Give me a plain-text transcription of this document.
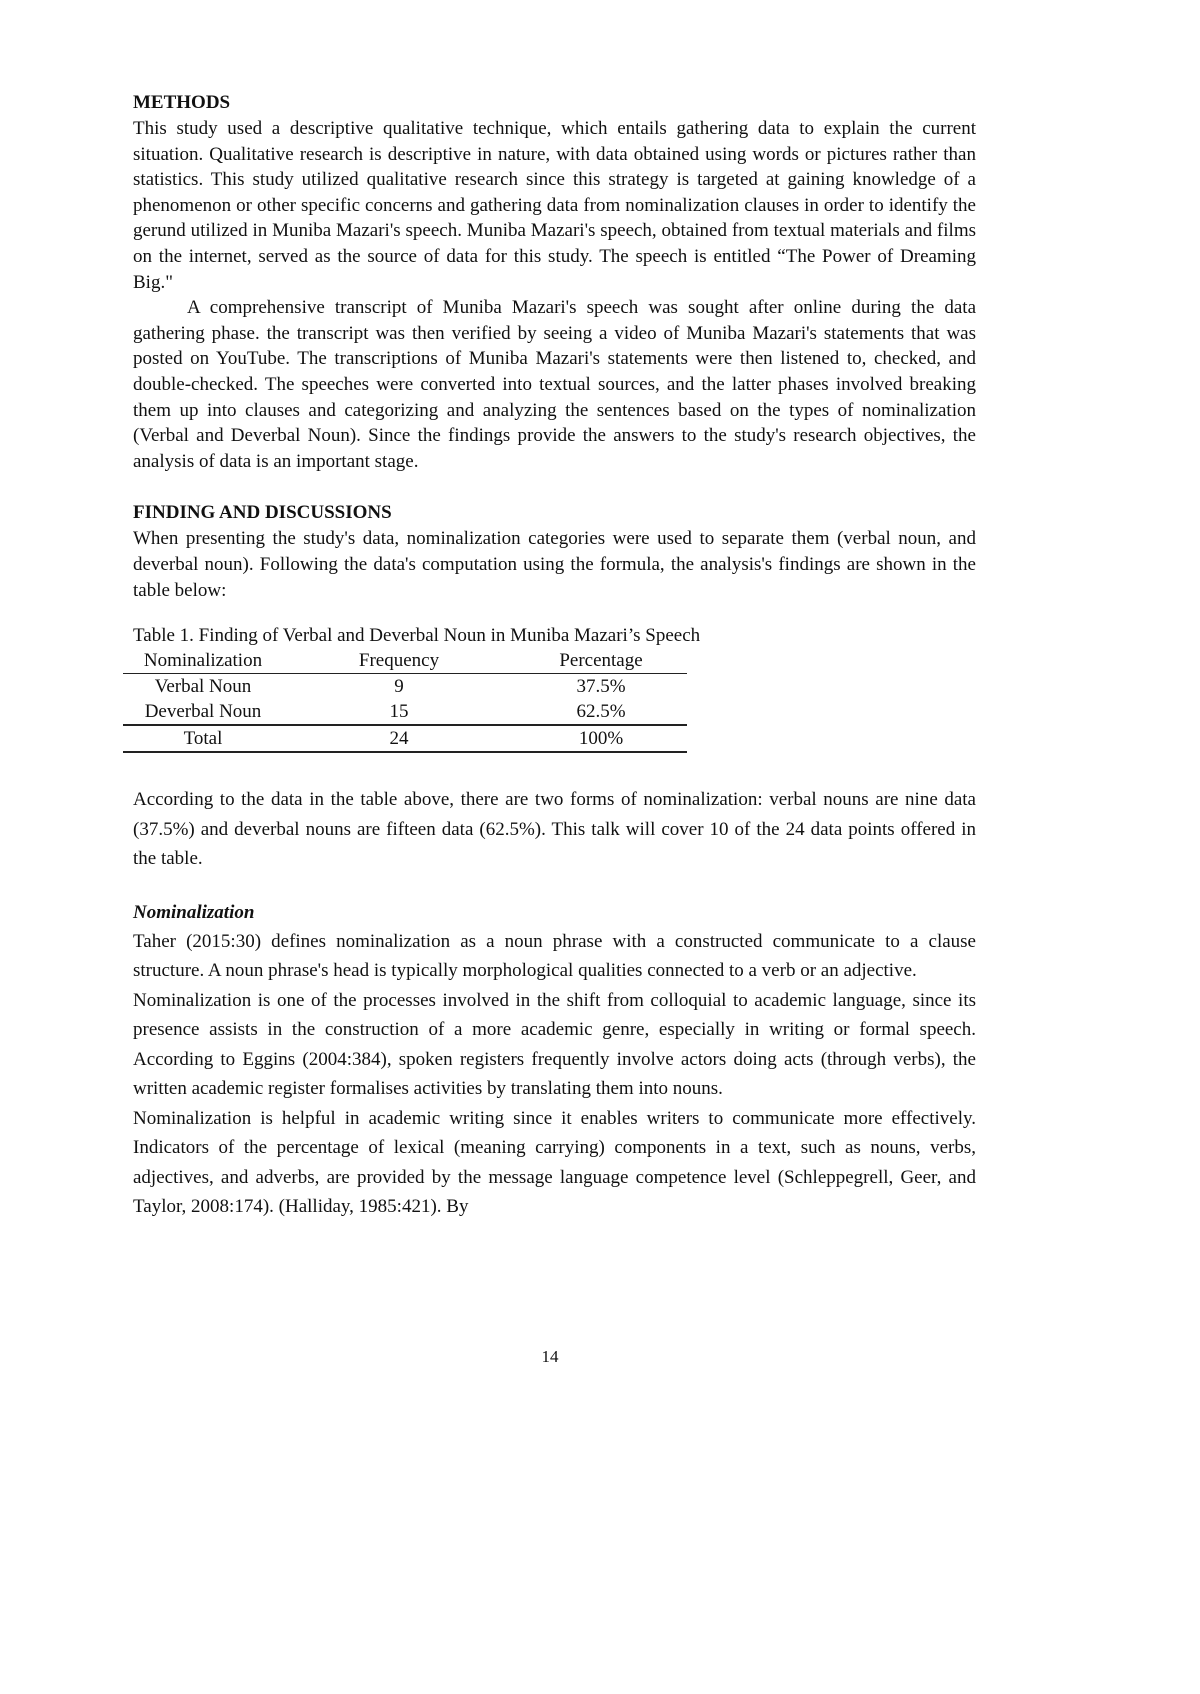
METHODS

This study used a descriptive qualitative technique, which entails gathering data to explain the current situation. Qualitative research is descriptive in nature, with data obtained using words or pictures rather than statistics. This study utilized qualitative research since this strategy is targeted at gaining knowledge of a phenomenon or other specific concerns and gathering data from nominalization clauses in order to identify the gerund utilized in Muniba Mazari's speech. Muniba Mazari's speech, obtained from textual materials and films on the internet, served as the source of data for this study. The speech is entitled “The Power of Dreaming Big."

A comprehensive transcript of Muniba Mazari's speech was sought after online during the data gathering phase. the transcript was then verified by seeing a video of Muniba Mazari's statements that was posted on YouTube. The transcriptions of Muniba Mazari's statements were then listened to, checked, and double-checked. The speeches were converted into textual sources, and the latter phases involved breaking them up into clauses and categorizing and analyzing the sentences based on the types of nominalization (Verbal and Deverbal Noun). Since the findings provide the answers to the study's research objectives, the analysis of data is an important stage.

FINDING AND DISCUSSIONS

When presenting the study's data, nominalization categories were used to separate them (verbal noun, and deverbal noun). Following the data's computation using the formula, the analysis's findings are shown in the table below:

Table 1. Finding of Verbal and Deverbal Noun in Muniba Mazari’s Speech

Nominalization	Frequency	Percentage
Verbal Noun	9	37.5%
Deverbal Noun	15	62.5%
Total	24	100%

According to the data in the table above, there are two forms of nominalization: verbal nouns are nine data (37.5%) and deverbal nouns are fifteen data (62.5%). This talk will cover 10 of the 24 data points offered in the table.

Nominalization

Taher (2015:30) defines nominalization as a noun phrase with a constructed communicate to a clause structure. A noun phrase's head is typically morphological qualities connected to a verb or an adjective.

Nominalization is one of the processes involved in the shift from colloquial to academic language, since its presence assists in the construction of a more academic genre, especially in writing or formal speech. According to Eggins (2004:384), spoken registers frequently involve actors doing acts (through verbs), the written academic register formalises activities by translating them into nouns.

Nominalization is helpful in academic writing since it enables writers to communicate more effectively. Indicators of the percentage of lexical (meaning carrying) components in a text, such as nouns, verbs, adjectives, and adverbs, are provided by the message language competence level (Schleppegrell, Geer, and Taylor, 2008:174). (Halliday, 1985:421). By

14
